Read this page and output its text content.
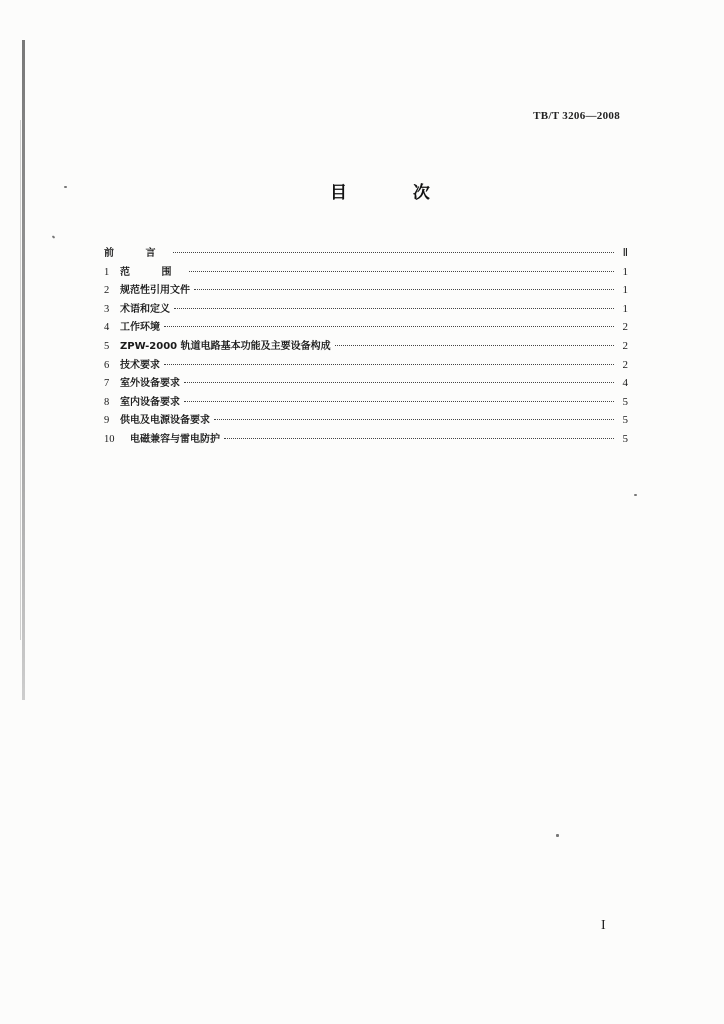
TB/T 3206—2008
目 次
前 言	Ⅱ
1	范 围	1
2	规范性引用文件	1
3	术语和定义	1
4	工作环境	2
5	ZPW-2000 轨道电路基本功能及主要设备构成	2
6	技术要求	2
7	室外设备要求	4
8	室内设备要求	5
9	供电及电源设备要求	5
10	电磁兼容与雷电防护	5
I
